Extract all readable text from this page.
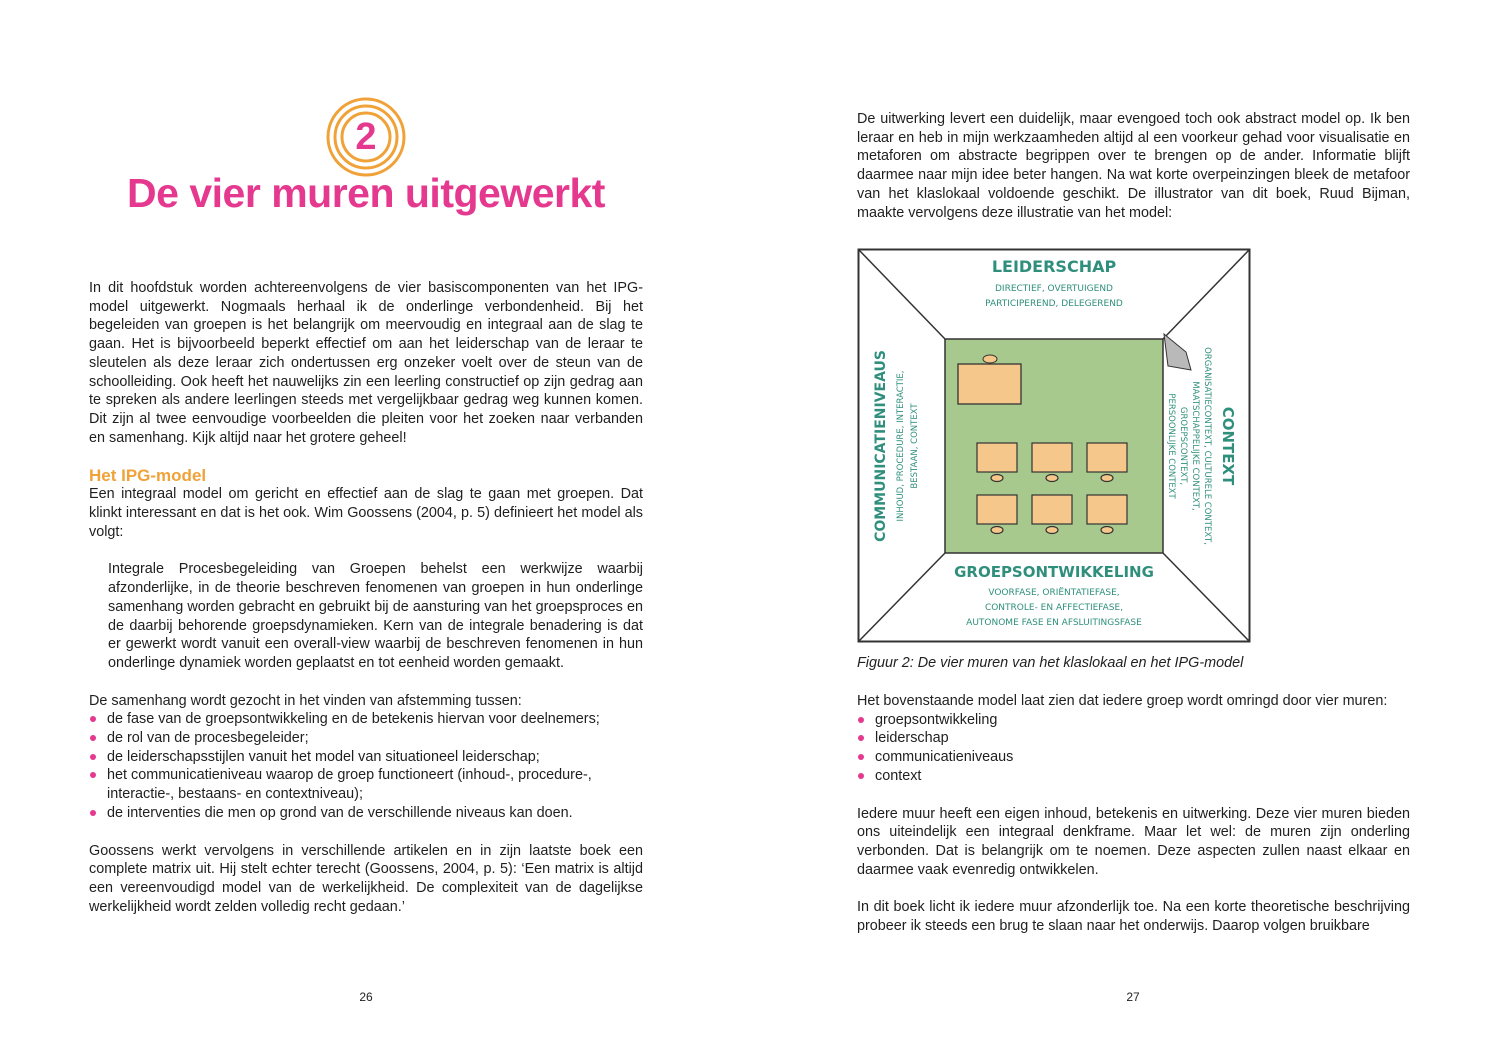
2
De vier muren uitgewerkt

In dit hoofdstuk worden achtereenvolgens de vier basiscomponenten van het IPG-model uitgewerkt. Nogmaals herhaal ik de onderlinge verbondenheid. Bij het begeleiden van groepen is het belangrijk om meervoudig en integraal aan de slag te gaan. Het is bijvoorbeeld beperkt effectief om aan het leiderschap van de leraar te sleutelen als deze leraar zich ondertussen erg onzeker voelt over de steun van de schoolleiding. Ook heeft het nauwelijks zin een leerling constructief op zijn gedrag aan te spreken als andere leerlingen steeds met vergelijkbaar gedrag weg kunnen komen. Dit zijn al twee eenvoudige voorbeelden die pleiten voor het zoeken naar verbanden en samenhang. Kijk altijd naar het grotere geheel!

Het IPG-model

Een integraal model om gericht en effectief aan de slag te gaan met groepen. Dat klinkt interessant en dat is het ook. Wim Goossens (2004, p. 5) definieert het model als volgt:

Integrale Procesbegeleiding van Groepen behelst een werkwijze waarbij afzonderlijke, in de theorie beschreven fenomenen van groepen in hun onderlinge samenhang worden gebracht en gebruikt bij de aansturing van het groepsproces en de daarbij behorende groepsdynamieken. Kern van de integrale benadering is dat er gewerkt wordt vanuit een overall-view waarbij de beschreven fenomenen in hun onderlinge dynamiek worden geplaatst en tot eenheid worden gemaakt.

De samenhang wordt gezocht in het vinden van afstemming tussen:

de fase van de groepsontwikkeling en de betekenis hiervan voor deelnemers;
de rol van de procesbegeleider;
de leiderschapsstijlen vanuit het model van situationeel leiderschap;
het communicatieniveau waarop de groep functioneert (inhoud-, procedure-, interactie-, bestaans- en contextniveau);
de interventies die men op grond van de verschillende niveaus kan doen.

Goossens werkt vervolgens in verschillende artikelen en in zijn laatste boek een complete matrix uit. Hij stelt echter terecht (Goossens, 2004, p. 5): ‘Een matrix is altijd een vereenvoudigd model van de werkelijkheid. De complexiteit van de dagelijkse werkelijkheid wordt zelden volledig recht gedaan.’

26

De uitwerking levert een duidelijk, maar evengoed toch ook abstract model op. Ik ben leraar en heb in mijn werkzaamheden altijd al een voorkeur gehad voor visualisatie en metaforen om abstracte begrippen over te brengen op de ander. Informatie blijft daarmee naar mijn idee beter hangen. Na wat korte overpeinzingen bleek de metafoor van het klaslokaal voldoende geschikt. De illustrator van dit boek, Ruud Bijman, maakte vervolgens deze illustratie van het model:

LEIDERSCHAP
DIRECTIEF, OVERTUIGEND
PARTICIPEREND, DELEGEREND
GROEPSONTWIKKELING
VOORFASE, ORIËNTATIEFASE,
CONTROLE- EN AFFECTIEFASE,
AUTONOME FASE EN AFSLUITINGSFASE
COMMUNICATIENIVEAUS INHOUD, PROCEDURE, INTERACTIE, BESTAAN, CONTEXT	CONTEXT
ORGANISATIECONTEXT, CULTURELE CONTEXT,
MAATSCHAPPELIJKE CONTEXT,
GROEPSCONTEXT,
PERSOONLIJKE CONTEXT
Figuur 2: De vier muren van het klaslokaal en het IPG-model

Het bovenstaande model laat zien dat iedere groep wordt omringd door vier muren:

groepsontwikkeling
leiderschap
communicatieniveaus
context

Iedere muur heeft een eigen inhoud, betekenis en uitwerking. Deze vier muren bieden ons uiteindelijk een integraal denkframe. Maar let wel: de muren zijn onderling verbonden. Dat is belangrijk om te noemen. Deze aspecten zullen naast elkaar en daarmee vaak evenredig ontwikkelen.

In dit boek licht ik iedere muur afzonderlijk toe. Na een korte theoretische beschrijving probeer ik steeds een brug te slaan naar het onderwijs. Daarop volgen bruikbare

27
